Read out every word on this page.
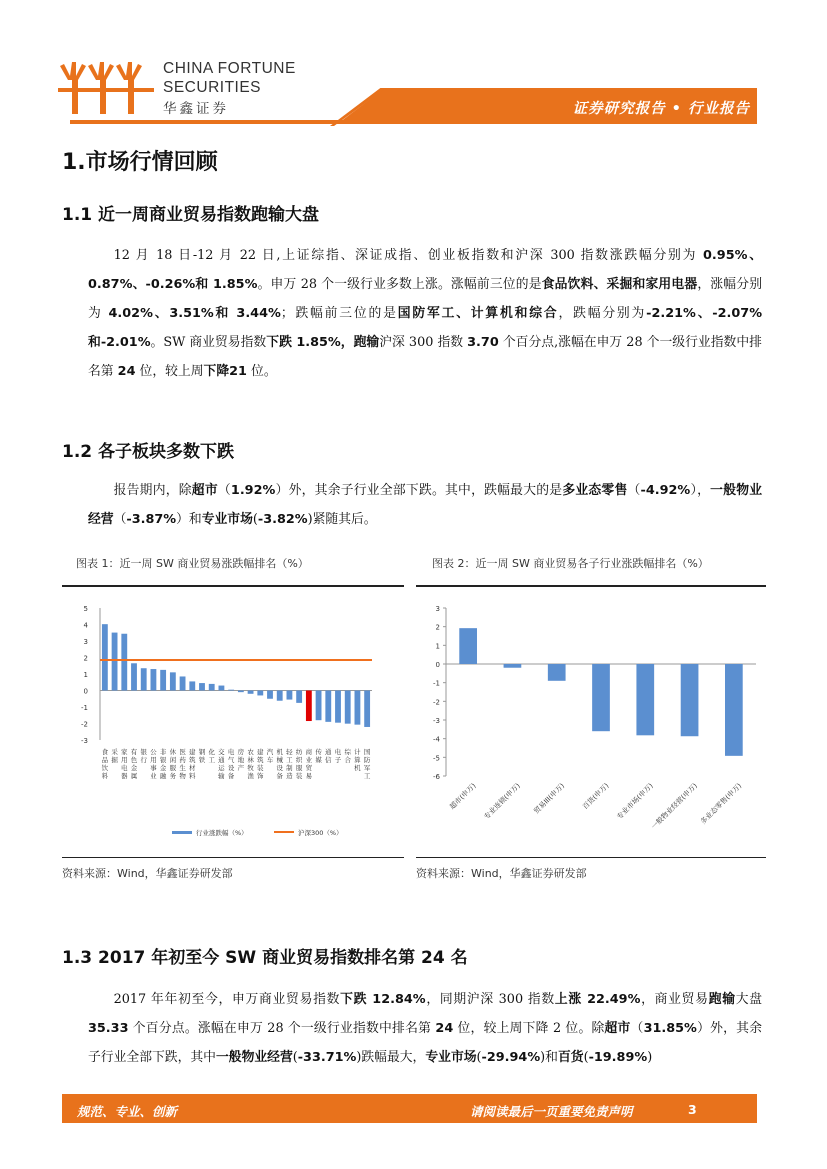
CHINA FORTUNE
SECURITIES
华鑫证券	证券研究报告 • 行业报告
1.市场行情回顾
1.1 近一周商业贸易指数跑输大盘
12 月 18 日-12 月 22 日,上证综指、深证成指、创业板指数和沪深 300 指数涨跌幅分别为 0.95%、0.87%、-0.26%和 1.85%。申万 28 个一级行业多数上涨。涨幅前三位的是食品饮料、采掘和家用电器，涨幅分别为 4.02%、3.51%和 3.44%；跌幅前三位的是国防军工、计算机和综合，跌幅分别为-2.21%、-2.07%和-2.01%。SW 商业贸易指数下跌 1.85%，跑输沪深 300 指数 3.70 个百分点,涨幅在申万 28 个一级行业指数中排名第 24 位，较上周下降21 位。
1.2 各子板块多数下跌
报告期内，除超市（1.92%）外，其余子行业全部下跌。其中，跌幅最大的是多业态零售（-4.92%），一般物业经营（-3.87%）和专业市场(-3.82%)紧随其后。
图表 1：近一周 SW 商业贸易涨跌幅排名（%）
5
4
3
2
1
0
-1
-2
-3
食
品
饮
料
采
掘
家
用
电
器
有
色
金
属
银
行
公
用
事
业
非
银
金
融
休
闲
服
务
医
药
生
物
建
筑
材
料
钢
铁
化
工
交
通
运
输
电
气
设
备
房
地
产
农
林
牧
渔
建
筑
装
饰
汽
车
机
械
设
备
轻
工
制
造
纺
织
服
装
商
业
贸
易
传
媒
通
信
电
子
综
合
计
算
机
国
防
军
工
行业涨跌幅（%）	沪深300（%）
资料来源：Wind，华鑫证券研发部
图表 2：近一周 SW 商业贸易各子行业涨跌幅排名（%）
3
2
1
0
-1
-2
-3
-4
-5
-6
超市(申万) 专业连锁(申万) 贸易III(申万) 百货(申万) 专业市场(申万)
一般物业经营(申万) 多业态零售(申万)
资料来源：Wind，华鑫证券研发部
1.3 2017 年初至今 SW 商业贸易指数排名第 24 名
2017 年年初至今，申万商业贸易指数下跌 12.84%，同期沪深 300 指数上涨 22.49%，商业贸易跑输大盘 35.33 个百分点。涨幅在申万 28 个一级行业指数中排名第 24 位，较上周下降 2 位。除超市（31.85%）外，其余子行业全部下跌，其中一般物业经营(-33.71%)跌幅最大，专业市场(-29.94%)和百货(-19.89%)
规范、专业、创新	请阅读最后一页重要免责声明	3
